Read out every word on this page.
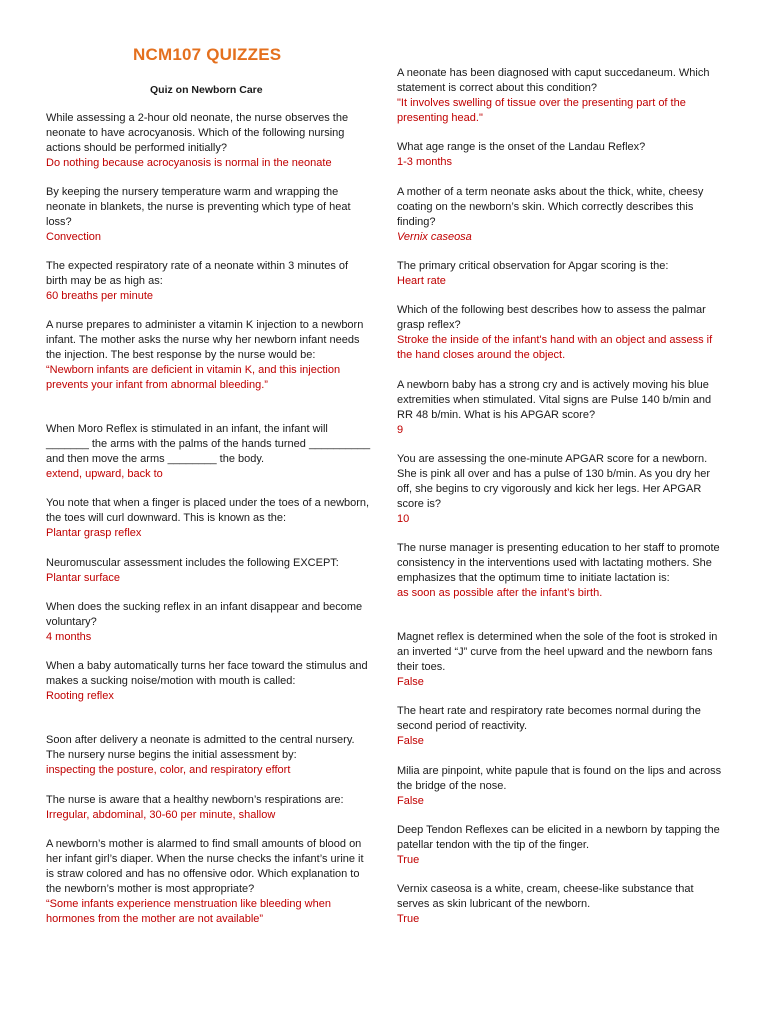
NCM107 QUIZZES
Quiz on Newborn Care

While assessing a 2-hour old neonate, the nurse observes the neonate to have acrocyanosis. Which of the following nursing actions should be performed initially?

Do nothing because acrocyanosis is normal in the neonate

By keeping the nursery temperature warm and wrapping the neonate in blankets, the nurse is preventing which type of heat loss?

Convection

The expected respiratory rate of a neonate within 3 minutes of birth may be as high as:

60 breaths per minute

A nurse prepares to administer a vitamin K injection to a newborn infant. The mother asks the nurse why her newborn infant needs the injection. The best response by the nurse would be:

“Newborn infants are deficient in vitamin K, and this injection prevents your infant from abnormal bleeding.”

When Moro Reflex is stimulated in an infant, the infant will _______ the arms with the palms of the hands turned __________ and then move the arms ________ the body.

extend, upward, back to

You note that when a finger is placed under the toes of a newborn, the toes will curl downward. This is known as the:

Plantar grasp reflex

Neuromuscular assessment includes the following EXCEPT:

Plantar surface

When does the sucking reflex in an infant disappear and become voluntary?

4 months

When a baby automatically turns her face toward the stimulus and makes a sucking noise/motion with mouth is called:

Rooting reflex

Soon after delivery a neonate is admitted to the central nursery. The nursery nurse begins the initial assessment by:

inspecting the posture, color, and respiratory effort

The nurse is aware that a healthy newborn’s respirations are:

Irregular, abdominal, 30-60 per minute, shallow

A newborn’s mother is alarmed to find small amounts of blood on her infant girl’s diaper. When the nurse checks the infant’s urine it is straw colored and has no offensive odor. Which explanation to the newborn’s mother is most appropriate?

“Some infants experience menstruation like bleeding when hormones from the mother are not available”

A neonate has been diagnosed with caput succedaneum. Which statement is correct about this condition?

"It involves swelling of tissue over the presenting part of the presenting head."

What age range is the onset of the Landau Reflex?

1-3 months

A mother of a term neonate asks about the thick, white, cheesy coating on the newborn’s skin. Which correctly describes this finding?

Vernix caseosa

The primary critical observation for Apgar scoring is the:

Heart rate

Which of the following best describes how to assess the palmar grasp reflex?

Stroke the inside of the infant's hand with an object and assess if the hand closes around the object.

A newborn baby has a strong cry and is actively moving his blue extremities when stimulated. Vital signs are Pulse 140 b/min and RR 48 b/min. What is his APGAR score?

9

You are assessing the one-minute APGAR score for a newborn. She is pink all over and has a pulse of 130 b/min. As you dry her off, she begins to cry vigorously and kick her legs. Her APGAR score is?

10

The nurse manager is presenting education to her staff to promote consistency in the interventions used with lactating mothers. She emphasizes that the optimum time to initiate lactation is:

as soon as possible after the infant’s birth.

Magnet reflex is determined when the sole of the foot is stroked in an inverted “J” curve from the heel upward and the newborn fans their toes.

False

The heart rate and respiratory rate becomes normal during the second period of reactivity.

False

Milia are pinpoint, white papule that is found on the lips and across the bridge of the nose.

False

Deep Tendon Reflexes can be elicited in a newborn by tapping the patellar tendon with the tip of the finger.

True

Vernix caseosa is a white, cream, cheese-like substance that serves as skin lubricant of the newborn.

True
